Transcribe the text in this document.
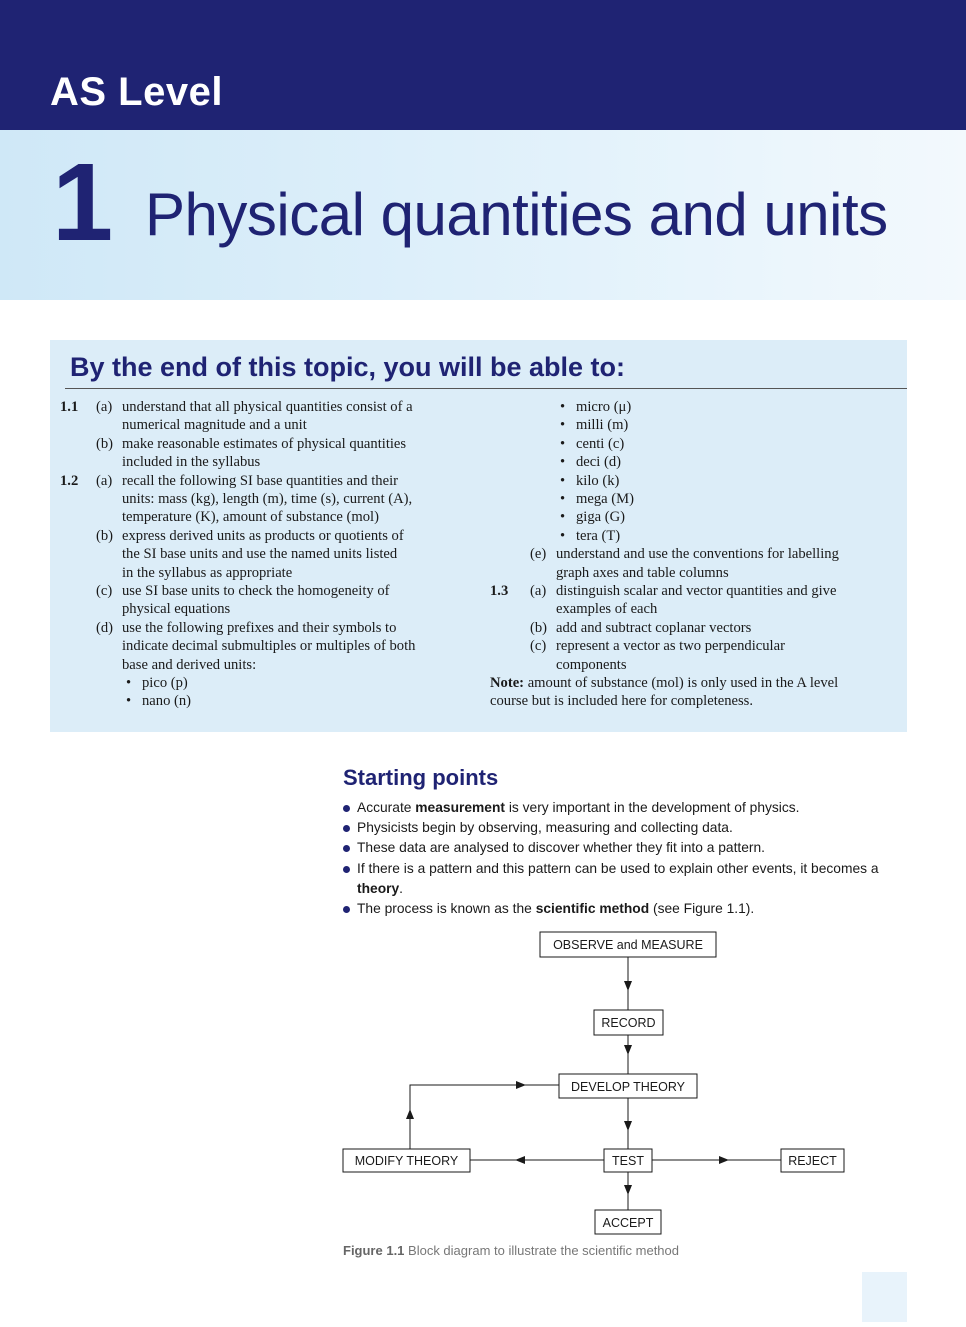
AS Level
1 Physical quantities and units
By the end of this topic, you will be able to:
1.1 (a) understand that all physical quantities consist of a
numerical magnitude and a unit
(b) make reasonable estimates of physical quantities
included in the syllabus
1.2 (a) recall the following SI base quantities and their
units: mass (kg), length (m), time (s), current (A),
temperature (K), amount of substance (mol)
(b) express derived units as products or quotients of
the SI base units and use the named units listed
in the syllabus as appropriate
(c) use SI base units to check the homogeneity of
physical equations
(d) use the following prefixes and their symbols to
indicate decimal submultiples or multiples of both
base and derived units:
• pico (p)
• nano (n)
• micro (μ)
• milli (m)
• centi (c)
• deci (d)
• kilo (k)
• mega (M)
• giga (G)
• tera (T)
(e) understand and use the conventions for labelling
graph axes and table columns
1.3 (a) distinguish scalar and vector quantities and give
examples of each
(b) add and subtract coplanar vectors
(c) represent a vector as two perpendicular
components
Note: amount of substance (mol) is only used in the A level
course but is included here for completeness.
Starting points
Accurate measurement is very important in the development of physics.
Physicists begin by observing, measuring and collecting data.
These data are analysed to discover whether they fit into a pattern.
If there is a pattern and this pattern can be used to explain other events, it becomes a theory.
The process is known as the scientific method (see Figure 1.1).
OBSERVE and MEASURE
RECORD
DEVELOP THEORY
MODIFY THEORY	TEST	REJECT
ACCEPT
Figure 1.1 Block diagram to illustrate the scientific method
